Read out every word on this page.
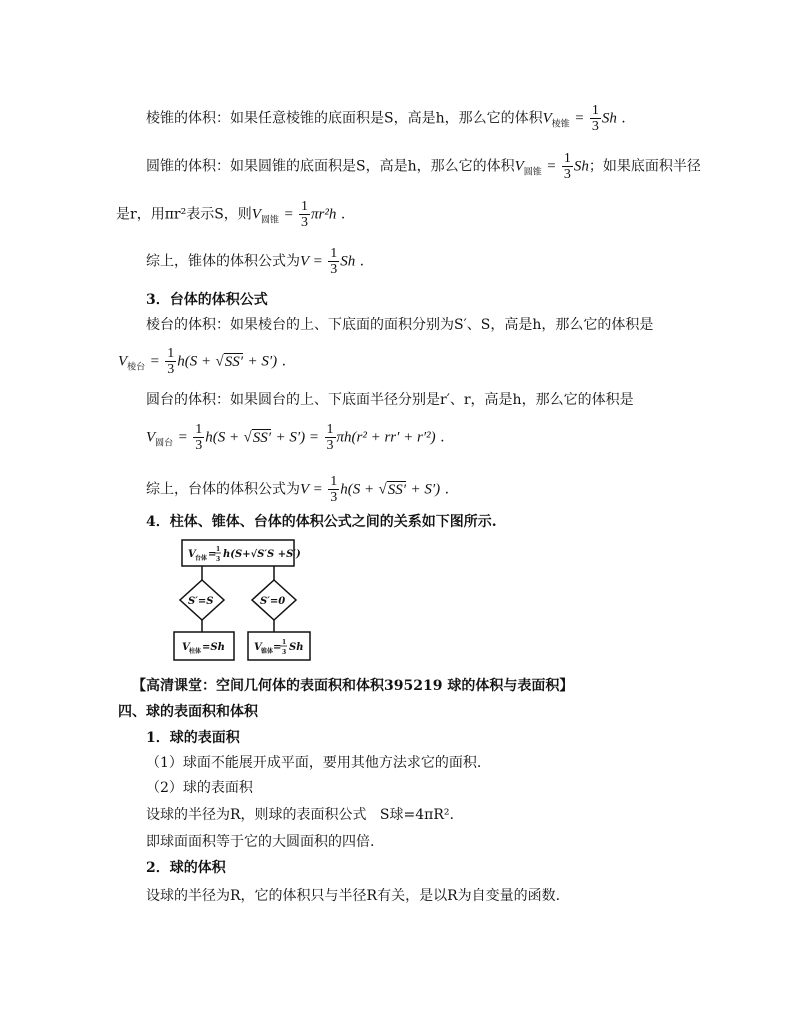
棱锥的体积：如果任意棱锥的底面积是S，高是h，那么它的体积$V_{棱锥} = \frac{1}{3}$ Sh .
圆锥的体积：如果圆锥的底面积是S，高是h，那么它的体积$V_{圆锥} = \frac{1}{3}$ Sh；如果底面积半径
是r，用πr²表示S，则$V_{圆锥} = \frac{1}{3} \pi r^2h$ .
综上，锥体的体积公式为$V = \frac{1}{3}$ Sh .
3．台体的体积公式
棱台的体积：如果棱台的上、下底面的面积分别为S′、S，高是h，那么它的体积是
$V_{棱台} = \frac{1}{3} h(S + √SS' + S')$ .
圆台的体积：如果圆台的上、下底面半径分别是r′、r，高是h，那么它的体积是
$V_{圆台} = \frac{1}{3} h(S + √SS' + S') = \frac{1}{3} \pi h(r^2 + rr' + r'^2)$ .
综上，台体的体积公式为$V = \frac{1}{3} h(S + √SS' + S')$ .
4．柱体、锥体、台体的体积公式之间的关系如下图所示.
V 台体 = 1
3 h(S+√S′S +S′)
S′=S	S′=0
V 柱体 =Sh	V 锥体 = 1
3 Sh
【高清课堂：空间几何体的表面积和体积395219 球的体积与表面积】
四、球的表面积和体积
1．球的表面积
（1）球面不能展开成平面，要用其他方法求它的面积.
（2）球的表面积
设球的半径为R，则球的表面积公式 S球=4πR².
即球面面积等于它的大圆面积的四倍.
2．球的体积
设球的半径为R，它的体积只与半径R有关，是以R为自变量的函数.
